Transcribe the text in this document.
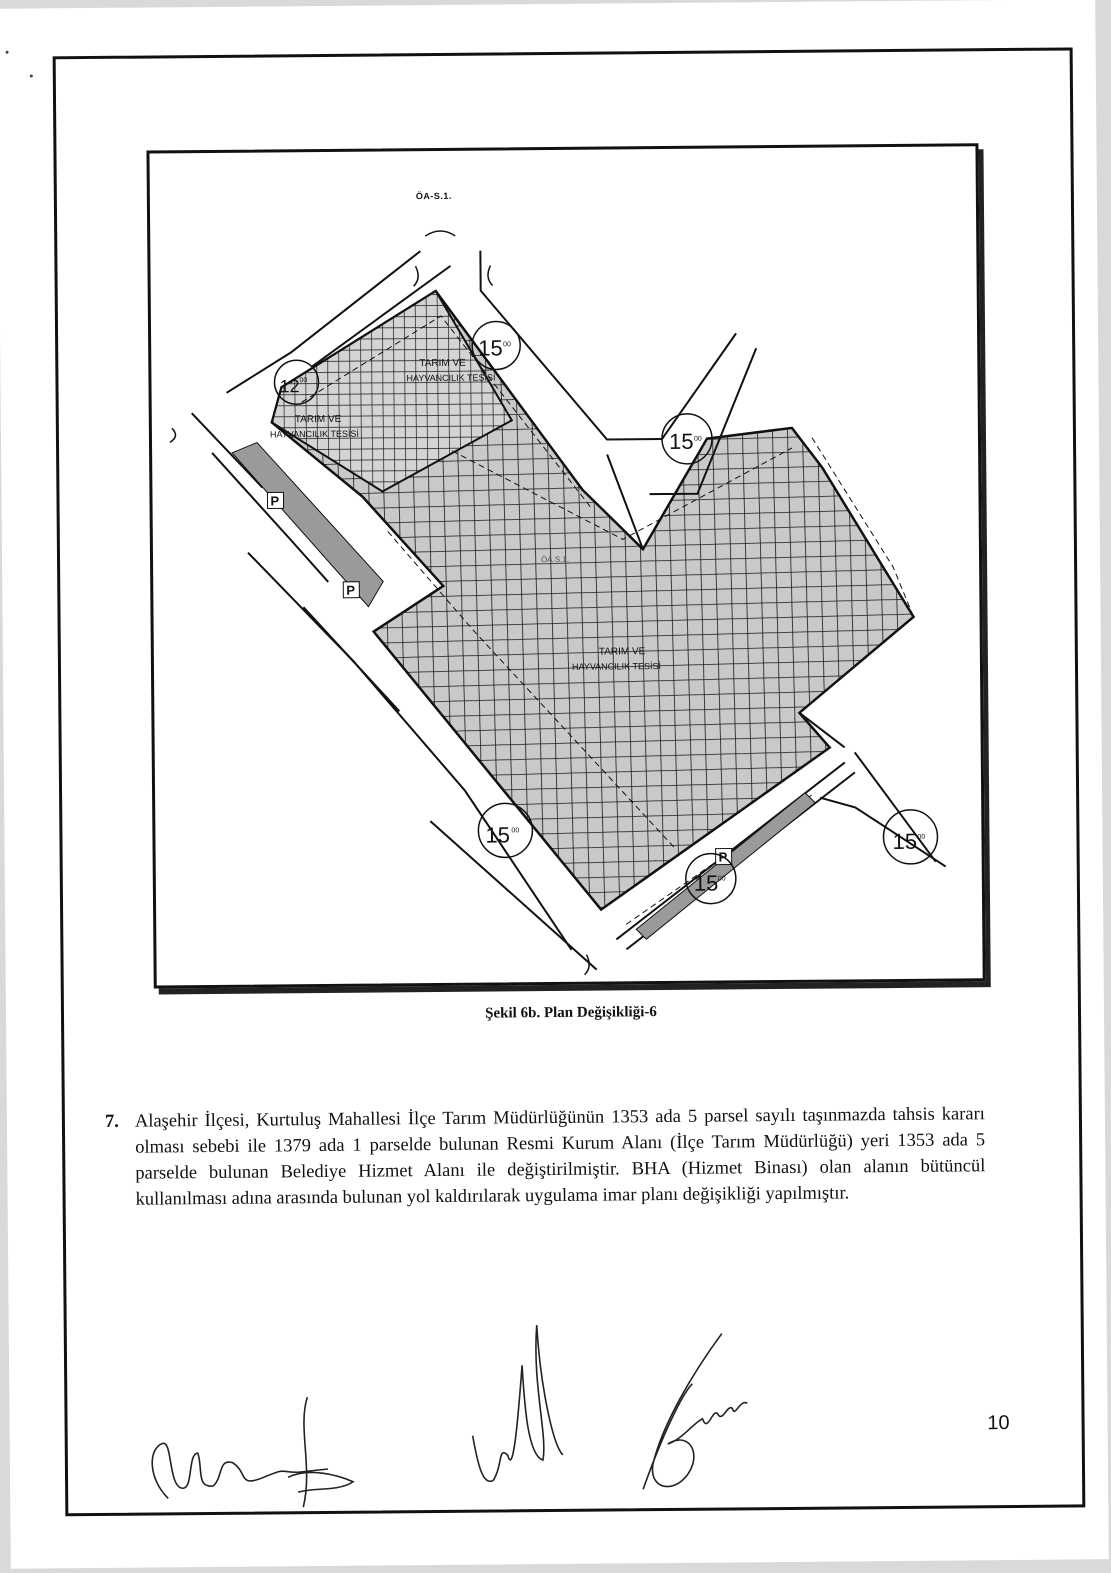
ÖA-S.1.
P
P
P
12
15
15
15
15
15
00
00
00
00
00
00
TARIM VE
HAYVANCILIK TESİSİ
TARIM VE
HAYVANCILIK TESİSİ
TARIM VE
HAYVANCILIK TESİSİ
ÖA.S.1.
Şekil 6b. Plan Değişikliği-6
7. Alaşehir İlçesi, Kurtuluş Mahallesi İlçe Tarım Müdürlüğünün 1353 ada 5 parsel sayılı taşınmazda tahsis kararı olması sebebi ile 1379 ada 1 parselde bulunan Resmi Kurum Alanı (İlçe Tarım Müdürlüğü) yeri 1353 ada 5 parselde bulunan Belediye Hizmet Alanı ile değiştirilmiştir. BHA (Hizmet Binası) olan alanın bütüncül kullanılması adına arasında bulunan yol kaldırılarak uygulama imar planı değişikliği yapılmıştır.
10
